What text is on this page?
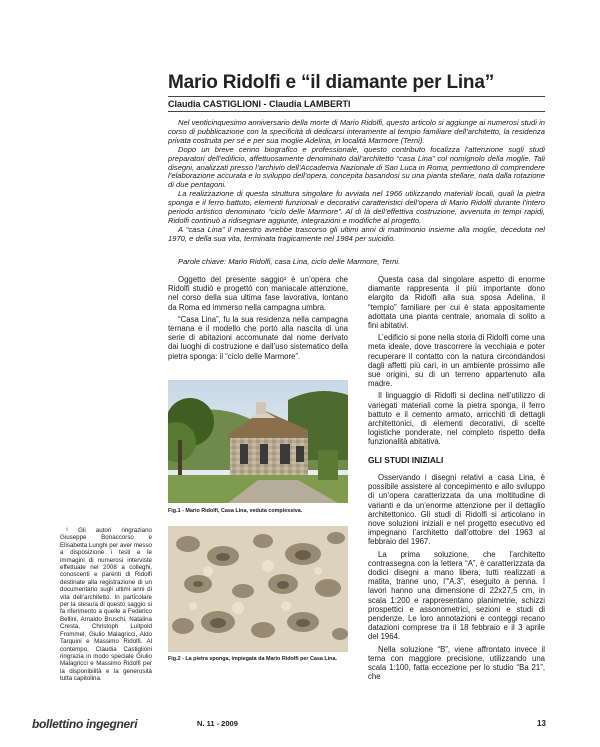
Mario Ridolfi e “il diamante per Lina”
Claudia CASTIGLIONI - Claudia LAMBERTI

Nel venticinquesimo anniversario della morte di Mario Ridolfi, questo articolo si aggiunge ai numerosi studi in corso di pubblicazione con la specificità di dedicarsi interamente al tempio familiare dell’architetto, la residenza privata costruita per sé e per sua moglie Adelina, in località Marmore (Terni).

Dopo un breve cenno biografico e professionale, questo contributo focalizza l’attenzione sugli studi preparatori dell’edificio, affettuosamente denominato dall’architetto “casa Lina” col nomignolo della moglie. Tali disegni, analizzati presso l’archivio dell’Accademia Nazionale di San Luca in Roma, permettono di comprendere l’elaborazione accurata e lo sviluppo dell’opera, concepita basandosi su una pianta stellare, nata dalla rotazione di due pentagoni.

La realizzazione di questa struttura singolare fu avviata nel 1966 utilizzando materiali locali, quali la pietra sponga e il ferro battuto, elementi funzionali e decorativi caratteristici dell’opera di Mario Ridolfi durante l’intero periodo artistico denominato “ciclo delle Marmore”. Al di là dell’effettiva costruzione, avvenuta in tempi rapidi, Ridolfi continuò a ridisegnare aggiunte, integrazioni e modifiche al progetto.

A “casa Lina” il maestro avrebbe trascorso gli ultimi anni di matrimonio insieme alla moglie, deceduta nel 1970, e della sua vita, terminata tragicamente nel 1984 per suicidio.

Parole chiave: Mario Ridolfi, casa Lina, ciclo delle Marmore, Terni.

Oggetto del presente saggio¹ è un’opera che Ridolfi studiò e progettò con maniacale attenzione, nel corso della sua ultima fase lavorativa, lontano da Roma ed immerso nella campagna umbra.

“Casa Lina”, fu la sua residenza nella campagna ternana e il modello che portò alla nascita di una serie di abitazioni accomunate dal nome derivato dai luoghi di costruzione e dall’uso sistematico della pietra sponga: il “ciclo delle Marmore”.

Fig.1 - Mario Ridolfi, Casa Lina, veduta complessiva.
Fig.2 - La pietra sponga, impiegata da Mario Ridolfi per Casa Lina.

Questa casa dal singolare aspetto di enorme diamante rappresenta il più importante dono elargito da Ridolfi alla sua sposa Adelina, il “tempio” familiare per cui è stata appositamente adottata una pianta centrale, anomala di solito a fini abitativi.

L’edificio si pone nella storia di Ridolfi come una meta ideale, dove trascorrere la vecchiaia e poter recuperare il contatto con la natura circondandosi dagli affetti più cari, in un ambiente prossimo alle sue origini, su di un terreno appartenuto alla madre.

Il linguaggio di Ridolfi si declina nell’utilizzo di variegati materiali come la pietra sponga, il ferro battuto e il cemento armato, arricchiti di dettagli architettonici, di elementi decorativi, di scelte logistiche ponderate, nel completo rispetto della funzionalità abitativa.

GLI STUDI INIZIALI

Osservando i disegni relativi a casa Lina, è possibile assistere al concepimento e allo sviluppo di un’opera caratterizzata da una moltitudine di varianti e da un’enorme attenzione per il dettaglio architettonico. Gli studi di Ridolfi si articolano in nove soluzioni iniziali e nel progetto esecutivo ed impegnano l’architetto dall’ottobre del 1963 al febbraio del 1967.

La prima soluzione, che l’architetto contrassegna con la lettera “A”, è caratterizzata da dodici disegni a mano libera, tutti realizzati a matita, tranne uno, l’“A.3”, eseguito a penna. I lavori hanno una dimensione di 22x27,5 cm, in scala 1:200 e rappresentano planimetrie, schizzi prospettici e assonometrici, sezioni e studi di pendenze. Le loro annotazioni e conteggi recano datazioni comprese tra il 18 febbraio e il 3 aprile del 1964.

Nella soluzione “B”, viene affrontato invece il tema con maggiore precisione, utilizzando una scala 1:100, fatta eccezione per lo studio “Ba 21”, che

¹ Gli autori ringraziano Giuseppe Bonaccorso e Elisabetta Lunghi per aver messo a disposizione i testi e le immagini di numerosi interviste effettuate nel 2008 a colleghi, conoscenti e parenti di Ridolfi destinate alla registrazione di un documentario sugli ultimi anni di vita dell’architetto. In particolare per la stesura di questo saggio si fa riferimento a quelle a Federico Bellini, Arnaldo Bruschi, Natalina Cresta, Christoph Luitpold Frommel, Giulio Malagricci, Aldo Tarquini e Massimo Ridolfi. Al contempo, Claudia Castiglioni ringrazia in modo speciale Giulio Malagricci e Massimo Ridolfi per la disponibilità e la generosità tutta capitolina.

bollettino ingegneri	N. 11 - 2009	13
